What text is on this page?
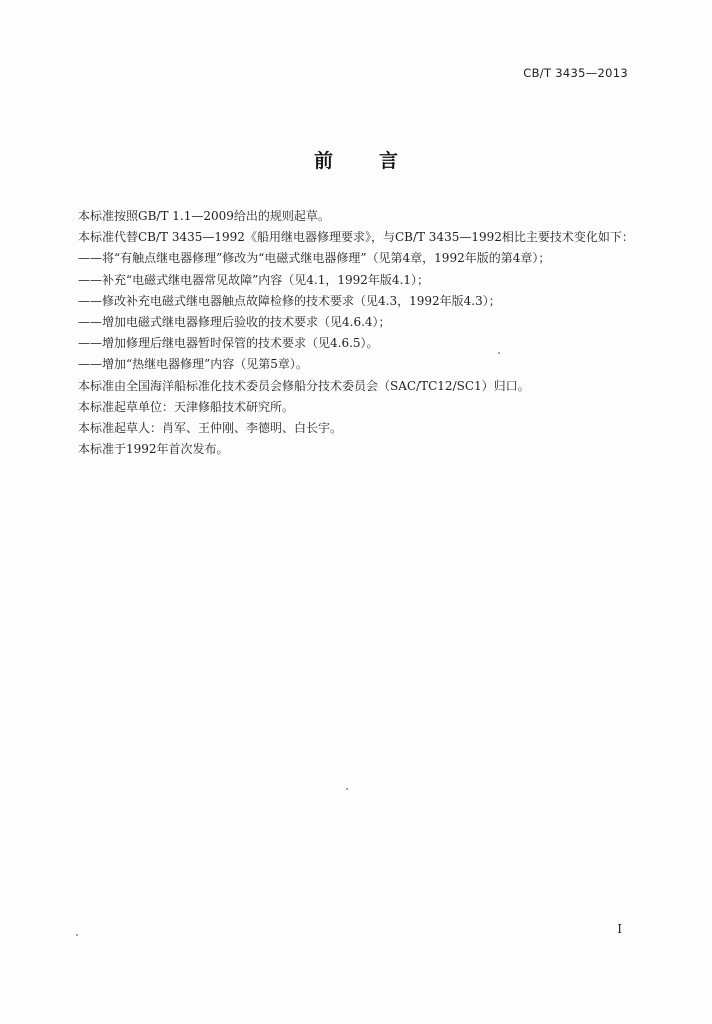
CB/T 3435—2013
前言

本标准按照GB/T 1.1—2009给出的规则起草。

本标准代替CB/T 3435—1992《船用继电器修理要求》，与CB/T 3435—1992相比主要技术变化如下：

——将“有触点继电器修理”修改为“电磁式继电器修理”（见第4章，1992年版的第4章）；

——补充“电磁式继电器常见故障”内容（见4.1，1992年版4.1）；

——修改补充电磁式继电器触点故障检修的技术要求（见4.3，1992年版4.3）；

——增加电磁式继电器修理后验收的技术要求（见4.6.4）；

——增加修理后继电器暂时保管的技术要求（见4.6.5）。

——增加“热继电器修理”内容（见第5章）。

本标准由全国海洋船标准化技术委员会修船分技术委员会（SAC/TC12/SC1）归口。

本标准起草单位：天津修船技术研究所。

本标准起草人：肖军、王仲刚、李德明、白长宇。

本标准于1992年首次发布。

I
